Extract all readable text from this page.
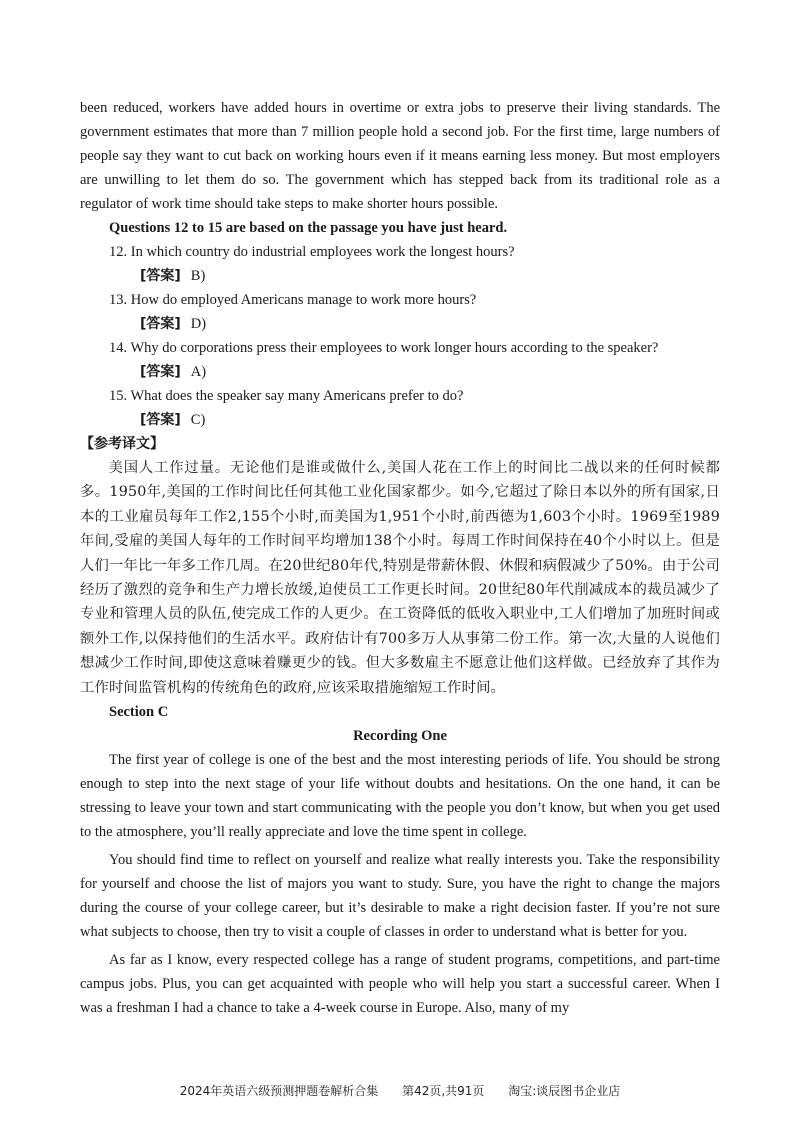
been reduced, workers have added hours in overtime or extra jobs to preserve their living standards. The government estimates that more than 7 million people hold a second job. For the first time, large numbers of people say they want to cut back on working hours even if it means earning less money. But most employers are unwilling to let them do so. The government which has stepped back from its traditional role as a regulator of work time should take steps to make shorter hours possible.

Questions 12 to 15 are based on the passage you have just heard.

12. In which country do industrial employees work the longest hours?

[答案] B)

13. How do employed Americans manage to work more hours?

[答案] D)

14. Why do corporations press their employees to work longer hours according to the speaker?

[答案] A)

15. What does the speaker say many Americans prefer to do?

[答案] C)

【参考译文】

美国人工作过量。无论他们是谁或做什么,美国人花在工作上的时间比二战以来的任何时候都多。1950年,美国的工作时间比任何其他工业化国家都少。如今,它超过了除日本以外的所有国家,日本的工业雇员每年工作2,155个小时,而美国为1,951个小时,前西德为1,603个小时。1969至1989年间,受雇的美国人每年的工作时间平均增加138个小时。每周工作时间保持在40个小时以上。但是人们一年比一年多工作几周。在20世纪80年代,特别是带薪休假、休假和病假减少了50%。由于公司经历了激烈的竞争和生产力增长放缓,迫使员工工作更长时间。20世纪80年代削减成本的裁员减少了专业和管理人员的队伍,使完成工作的人更少。在工资降低的低收入职业中,工人们增加了加班时间或额外工作,以保持他们的生活水平。政府估计有700多万人从事第二份工作。第一次,大量的人说他们想减少工作时间,即使这意味着赚更少的钱。但大多数雇主不愿意让他们这样做。已经放弃了其作为工作时间监管机构的传统角色的政府,应该采取措施缩短工作时间。

Section C

Recording One

The first year of college is one of the best and the most interesting periods of life. You should be strong enough to step into the next stage of your life without doubts and hesitations. On the one hand, it can be stressing to leave your town and start communicating with the people you don’t know, but when you get used to the atmosphere, you’ll really appreciate and love the time spent in college.

You should find time to reflect on yourself and realize what really interests you. Take the responsibility for yourself and choose the list of majors you want to study. Sure, you have the right to change the majors during the course of your college career, but it’s desirable to make a right decision faster. If you’re not sure what subjects to choose, then try to visit a couple of classes in order to understand what is better for you.

As far as I know, every respected college has a range of student programs, competitions, and part-time campus jobs. Plus, you can get acquainted with people who will help you start a successful career. When I was a freshman I had a chance to take a 4-week course in Europe. Also, many of my

2024年英语六级预测押题卷解析合集 第42页,共91页 淘宝:谈辰图书企业店
